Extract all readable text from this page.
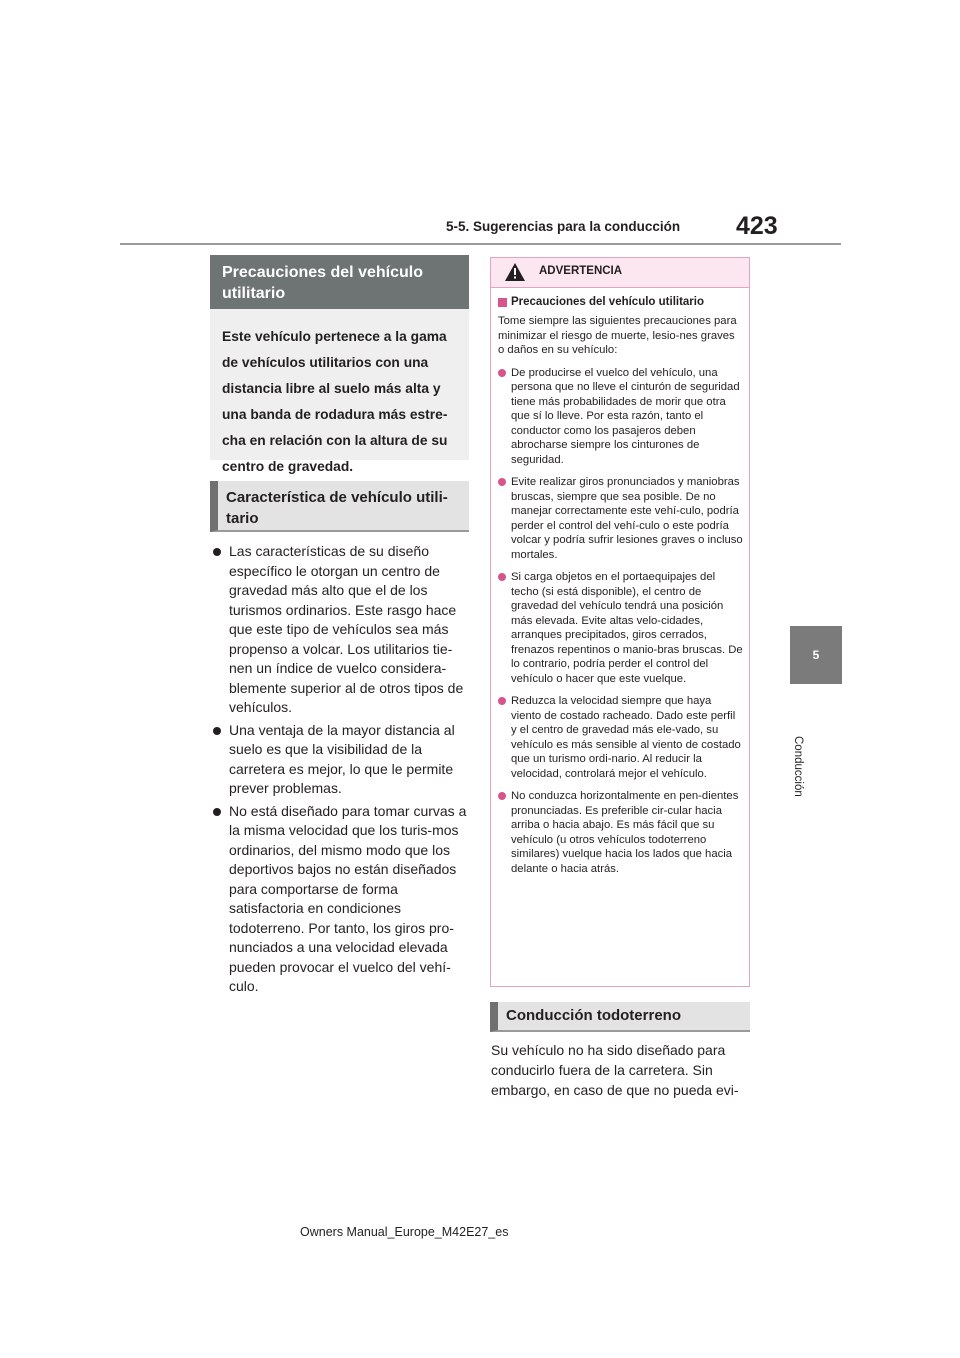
5-5. Sugerencias para la conducción 423
5
Conducción
Precauciones del vehículo utilitario
Este vehículo pertenece a la gama de vehículos utilitarios con una distancia libre al suelo más alta y una banda de rodadura más estre-cha en relación con la altura de su centro de gravedad.
Característica de vehículo utili-tario
Las características de su diseño específico le otorgan un centro de gravedad más alto que el de los turismos ordinarios. Este rasgo hace que este tipo de vehículos sea más propenso a volcar. Los utilitarios tie-nen un índice de vuelco considera-blemente superior al de otros tipos de vehículos.
Una ventaja de la mayor distancia al suelo es que la visibilidad de la carretera es mejor, lo que le permite prever problemas.
No está diseñado para tomar curvas a la misma velocidad que los turis-mos ordinarios, del mismo modo que los deportivos bajos no están diseñados para comportarse de forma satisfactoria en condiciones todoterreno. Por tanto, los giros pro-nunciados a una velocidad elevada pueden provocar el vuelco del vehí-culo.
ADVERTENCIA
Precauciones del vehículo utilitario
Tome siempre las siguientes precauciones para minimizar el riesgo de muerte, lesio-nes graves o daños en su vehículo:
De producirse el vuelco del vehículo, una persona que no lleve el cinturón de seguridad tiene más probabilidades de morir que otra que sí lo lleve. Por esta razón, tanto el conductor como los pasajeros deben abrocharse siempre los cinturones de seguridad.
Evite realizar giros pronunciados y maniobras bruscas, siempre que sea posible. De no manejar correctamente este vehí-culo, podría perder el control del vehí-culo o este podría volcar y podría sufrir lesiones graves o incluso mortales.
Si carga objetos en el portaequipajes del techo (si está disponible), el centro de gravedad del vehículo tendrá una posición más elevada. Evite altas velo-cidades, arranques precipitados, giros cerrados, frenazos repentinos o manio-bras bruscas. De lo contrario, podría perder el control del vehículo o hacer que este vuelque.
Reduzca la velocidad siempre que haya viento de costado racheado. Dado este perfil y el centro de gravedad más ele-vado, su vehículo es más sensible al viento de costado que un turismo ordi-nario. Al reducir la velocidad, controlará mejor el vehículo.
No conduzca horizontalmente en pen-dientes pronunciadas. Es preferible cir-cular hacia arriba o hacia abajo. Es más fácil que su vehículo (u otros vehículos todoterreno similares) vuelque hacia los lados que hacia delante o hacia atrás.
Conducción todoterreno
Su vehículo no ha sido diseñado para conducirlo fuera de la carretera. Sin embargo, en caso de que no pueda evi-
Owners Manual_Europe_M42E27_es
